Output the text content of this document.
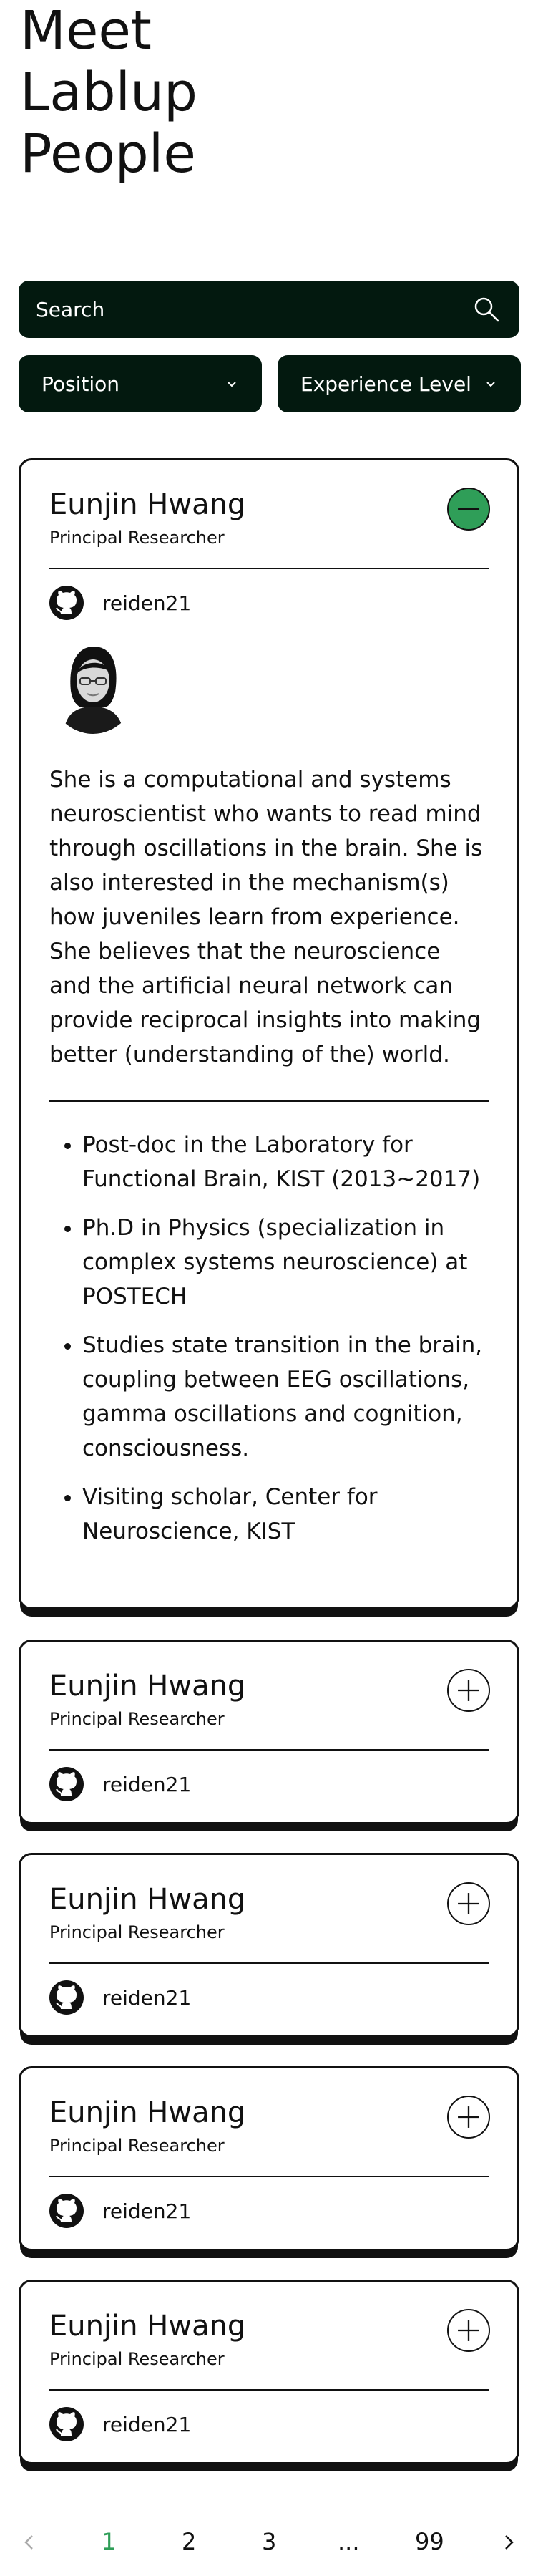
Meet
Lablup
People
Search
Position	Experience Level
Eunjin Hwang
Principal Researcher
reiden21

She is a computational and systems neuroscientist who wants to read mind through oscillations in the brain. She is also interested in the mechanism(s) how juveniles learn from experience. She believes that the neuroscience and the artificial neural network can provide reciprocal insights into making better (understanding of the) world.

• Post-doc in the Laboratory for Functional Brain, KIST (2013~2017)
• Ph.D in Physics (specialization in complex systems neuroscience) at POSTECH
• Studies state transition in the brain, coupling between EEG oscillations, gamma oscillations and cognition, consciousness.
• Visiting scholar, Center for Neuroscience, KIST
Eunjin Hwang
Principal Researcher
reiden21
Eunjin Hwang
Principal Researcher
reiden21
Eunjin Hwang
Principal Researcher
reiden21
Eunjin Hwang
Principal Researcher
reiden21
1	2	3	... 99
